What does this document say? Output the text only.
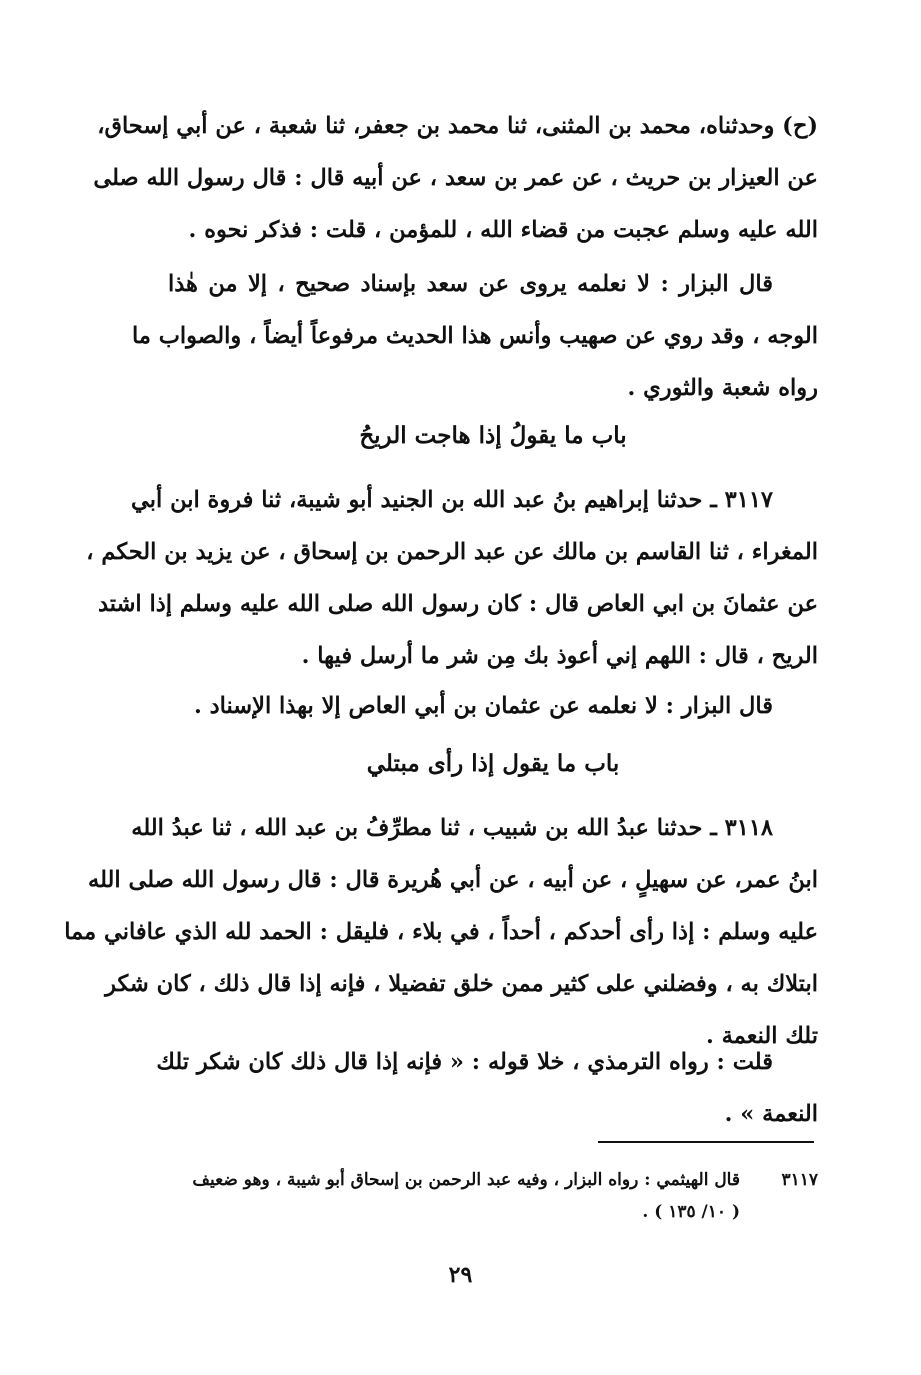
(ح) وحدثناه، محمد بن المثنى، ثنا محمد بن جعفر، ثنا شعبة ، عن أبي إسحاق،
عن العيزار بن حريث ، عن عمر بن سعد ، عن أبيه قال : قال رسول الله صلى
الله عليه وسلم عجبت من قضاء الله ، للمؤمن ، قلت : فذكر نحوه .
قال البزار : لا نعلمه يروى عن سعد بإسناد صحيح ، إلا من هٰذا
الوجه ، وقد روي عن صهيب وأنس هذا الحديث مرفوعاً أيضاً ، والصواب ما
رواه شعبة والثوري .
باب ما يقولُ إذا هاجت الريحُ
٣١١٧ ـ حدثنا إبراهيم بنُ عبد الله بن الجنيد أبو شيبة، ثنا فروة ابن أبي
المغراء ، ثنا القاسم بن مالك عن عبد الرحمن بن إسحاق ، عن يزيد بن الحكم ،
عن عثمانَ بن ابي العاص قال : كان رسول الله صلى الله عليه وسلم إذا اشتد
الريح ، قال : اللهم إني أعوذ بك مِن شر ما أرسل فيها .
قال البزار : لا نعلمه عن عثمان بن أبي العاص إلا بهذا الإسناد .
باب ما يقول إذا رأى مبتلي
٣١١٨ ـ حدثنا عبدُ الله بن شبيب ، ثنا مطرِّفُ بن عبد الله ، ثنا عبدُ الله
ابنُ عمر، عن سهيلٍ ، عن أبيه ، عن أبي هُريرة قال : قال رسول الله صلى الله
عليه وسلم : إذا رأى أحدكم ، أحداً ، في بلاء ، فليقل : الحمد لله الذي عافاني مما
ابتلاك به ، وفضلني على كثير ممن خلق تفضيلا ، فإنه إذا قال ذلك ، كان شكر
تلك النعمة .
قلت : رواه الترمذي ، خلا قوله : « فإنه إذا قال ذلك كان شكر تلك
النعمة » .
٣١١٧
قال الهيثمي : رواه البزار ، وفيه عبد الرحمن بن إسحاق أبو شيبة ، وهو ضعيف
( ١٠/ ١٣٥ ) .
٢٩
